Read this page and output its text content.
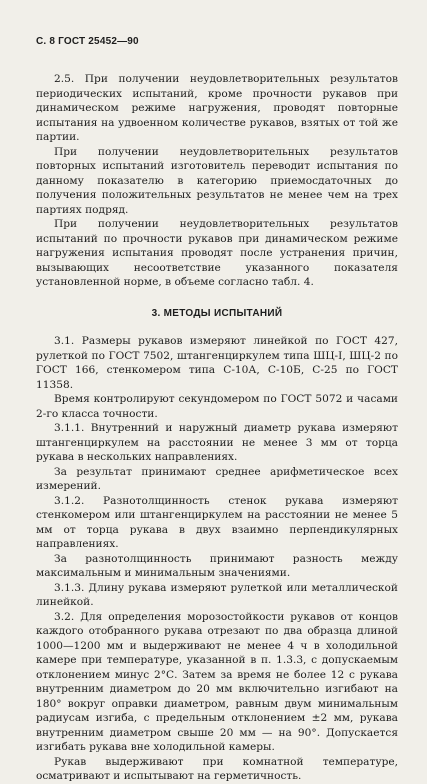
С. 8 ГОСТ 25452—90

2.5. При получении неудовлетворительных результатов периодических испытаний, кроме прочности рукавов при динамическом режиме нагружения, проводят повторные испытания на удвоенном количестве рукавов, взятых от той же партии.

При получении неудовлетворительных результатов повторных испытаний изготовитель переводит испытания по данному показателю в категорию приемосдаточных до получения положительных результатов не менее чем на трех партиях подряд.

При получении неудовлетворительных результатов испытаний по прочности рукавов при динамическом режиме нагружения испытания проводят после устранения причин, вызывающих несоответствие указанного показателя установленной норме, в объеме согласно табл. 4.

3. МЕТОДЫ ИСПЫТАНИЙ

3.1. Размеры рукавов измеряют линейкой по ГОСТ 427, рулеткой по ГОСТ 7502, штангенциркулем типа ШЦ-I, ШЦ-2 по ГОСТ 166, стенкомером типа С-10А, С-10Б, С-25 по ГОСТ 11358.

Время контролируют секундомером по ГОСТ 5072 и часами 2-го класса точности.

3.1.1. Внутренний и наружный диаметр рукава измеряют штангенциркулем на расстоянии не менее 3 мм от торца рукава в нескольких направлениях.

За результат принимают среднее арифметическое всех измерений.

3.1.2. Разнотолщинность стенок рукава измеряют стенкомером или штангенциркулем на расстоянии не менее 5 мм от торца рукава в двух взаимно перпендикулярных направлениях.

За разнотолщинность принимают разность между максимальным и минимальным значениями.

3.1.3. Длину рукава измеряют рулеткой или металлической линейкой.

3.2. Для определения морозостойкости рукавов от концов каждого отобранного рукава отрезают по два образца длиной 1000—1200 мм и выдерживают не менее 4 ч в холодильной камере при температуре, указанной в п. 1.3.3, с допускаемым отклонением минус 2°С. Затем за время не более 12 с рукава внутренним диаметром до 20 мм включительно изгибают на 180° вокруг оправки диаметром, равным двум минимальным радиусам изгиба, с предельным отклонением ±2 мм, рукава внутренним диаметром свыше 20 мм — на 90°. Допускается изгибать рукава вне холодильной камеры.

Рукав выдерживают при комнатной температуре, осматривают и испытывают на герметичность.
